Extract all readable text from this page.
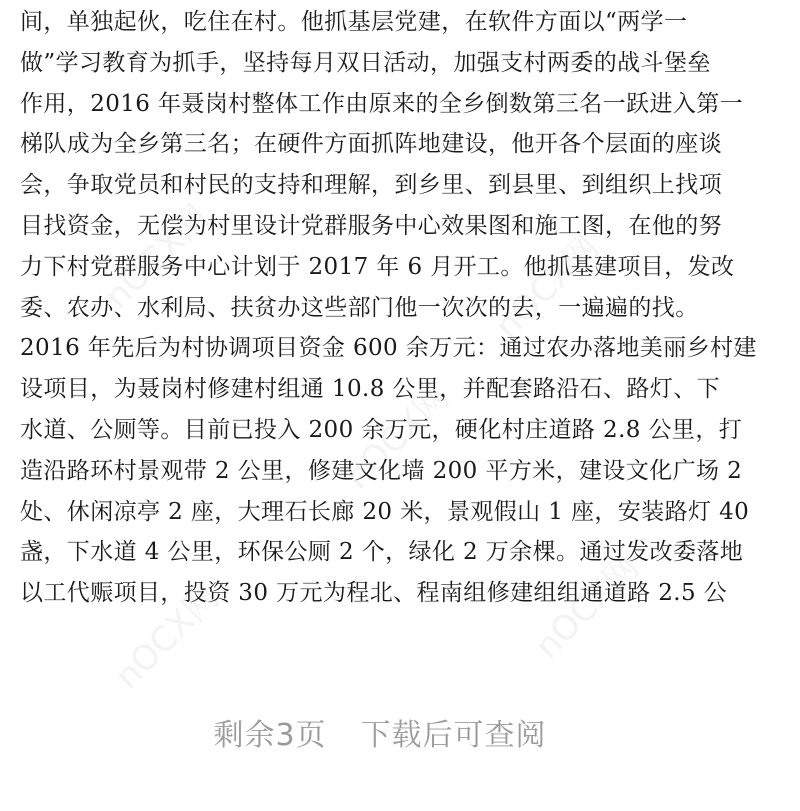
nOCX网	nOCX网
nOCX网
nOCX网	nOCX网
间，单独起伙，吃住在村。他抓基层党建，在软件方面以“两学一
做”学习教育为抓手，坚持每月双日活动，加强支村两委的战斗堡垒
作用，2016 年聂岗村整体工作由原来的全乡倒数第三名一跃进入第一
梯队成为全乡第三名；在硬件方面抓阵地建设，他开各个层面的座谈
会，争取党员和村民的支持和理解，到乡里、到县里、到组织上找项
目找资金，无偿为村里设计党群服务中心效果图和施工图，在他的努
力下村党群服务中心计划于 2017 年 6 月开工。他抓基建项目，发改
委、农办、水利局、扶贫办这些部门他一次次的去，一遍遍的找。
2016 年先后为村协调项目资金 600 余万元：通过农办落地美丽乡村建
设项目，为聂岗村修建村组通 10.8 公里，并配套路沿石、路灯、下
水道、公厕等。目前已投入 200 余万元，硬化村庄道路 2.8 公里，打
造沿路环村景观带 2 公里，修建文化墙 200 平方米，建设文化广场 2
处、休闲凉亭 2 座，大理石长廊 20 米，景观假山 1 座，安装路灯 40
盏，下水道 4 公里，环保公厕 2 个，绿化 2 万余棵。通过发改委落地
以工代赈项目，投资 30 万元为程北、程南组修建组组通道路 2.5 公
剩余3页 下载后可查阅
